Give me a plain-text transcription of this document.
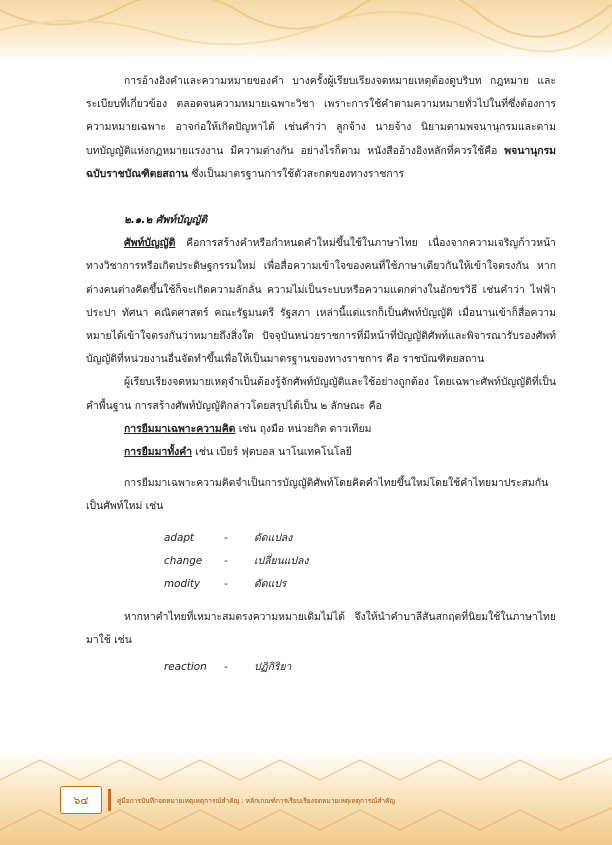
การอ้างอิงคำและความหมายของคำ บางครั้งผู้เรียบเรียงจดหมายเหตุต้องดูบริบท กฎหมาย และระเบียบที่เกี่ยวข้อง ตลอดจนความหมายเฉพาะวิชา เพราะการใช้คำตามความหมายทั่วไปในที่ซึ่งต้องการความหมายเฉพาะ อาจก่อให้เกิดปัญหาได้ เช่นคำว่า ลูกจ้าง นายจ้าง นิยามตามพจนานุกรมและตามบทบัญญัติแห่งกฎหมายแรงงาน มีความต่างกัน อย่างไรก็ตาม หนังสืออ้างอิงหลักที่ควรใช้คือ พจนานุกรมฉบับราชบัณฑิตยสถาน ซึ่งเป็นมาตรฐานการใช้ตัวสะกดของทางราชการ

๒.๑.๒ ศัพท์บัญญัติ

ศัพท์บัญญัติ คือการสร้างคำหรือกำหนดคำใหม่ขึ้นใช้ในภาษาไทย เนื่องจากความเจริญก้าวหน้าทางวิชาการหรือเกิดประดิษฐกรรมใหม่ เพื่อสื่อความเข้าใจของคนที่ใช้ภาษาเดียวกันให้เข้าใจตรงกัน หากต่างคนต่างคิดขึ้นใช้ก็จะเกิดความลักลั่น ความไม่เป็นระบบหรือความแตกต่างในอักขรวิธี เช่นคำว่า ไฟฟ้า ประปา ทัศนา คณิตศาสตร์ คณะรัฐมนตรี รัฐสภา เหล่านี้แต่แรกก็เป็นศัพท์บัญญัติ เมื่อนานเข้าก็สื่อความหมายได้เข้าใจตรงกันว่าหมายถึงสิ่งใด ปัจจุบันหน่วยราชการที่มีหน้าที่บัญญัติศัพท์และพิจารณารับรองศัพท์บัญญัติที่หน่วยงานอื่นจัดทำขึ้นเพื่อให้เป็นมาตรฐานของทางราชการ คือ ราชบัณฑิตยสถาน

ผู้เรียบเรียงจดหมายเหตุจำเป็นต้องรู้จักศัพท์บัญญัติและใช้อย่างถูกต้อง โดยเฉพาะศัพท์บัญญัติที่เป็นคำพื้นฐาน การสร้างศัพท์บัญญัติกล่าวโดยสรุปได้เป็น ๒ ลักษณะ คือ

การยืมมาเฉพาะความคิด เช่น ถุงมือ หน่วยกิต ดาวเทียม

การยืมมาทั้งคำ เช่น เบียร์ ฟุตบอล นาโนเทคโนโลยี

การยืมมาเฉพาะความคิดจำเป็นการบัญญัติศัพท์โดยคิดคำไทยขึ้นใหม่โดยใช้คำไทยมาประสมกันเป็นศัพท์ใหม่ เช่น

adapt	-	ดัดแปลง
change	-	เปลี่ยนแปลง
modity	-	ดัดแปร

หากหาคำไทยที่เหมาะสมตรงความหมายเดิมไม่ได้ จึงให้นำคำบาลีสันสกฤตที่นิยมใช้ในภาษาไทยมาใช้ เช่น

reaction	-	ปฏิกิริยา
๖๔	คู่มือการบันทึกจดหมายเหตุเหตุการณ์สำคัญ : หลักเกณฑ์การเรียบเรียงจดหมายเหตุเหตุการณ์สำคัญ
